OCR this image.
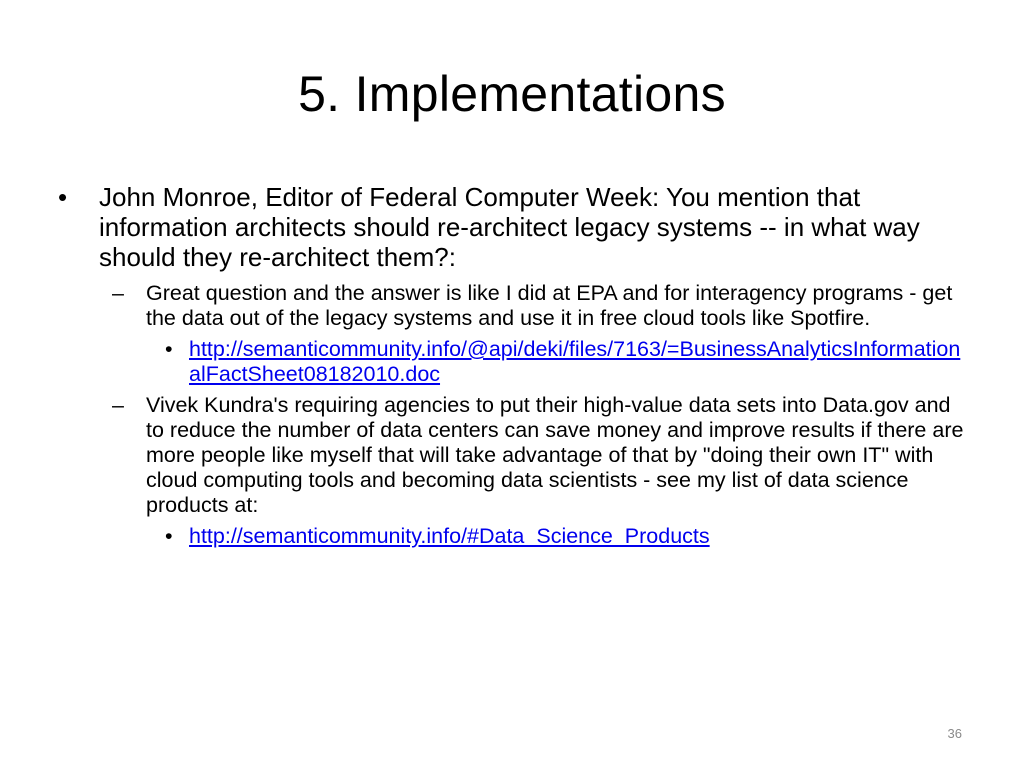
5. Implementations
• John Monroe, Editor of Federal Computer Week: You mention that information architects should re-architect legacy systems -- in what way should they re-architect them?:
– Great question and the answer is like I did at EPA and for interagency programs - get the data out of the legacy systems and use it in free cloud tools like Spotfire.
• http://semanticommunity.info/@api/deki/files/7163/=BusinessAnalyticsInformationalFactSheet08182010.doc
– Vivek Kundra's requiring agencies to put their high-value data sets into Data.gov and to reduce the number of data centers can save money and improve results if there are more people like myself that will take advantage of that by "doing their own IT" with cloud computing tools and becoming data scientists - see my list of data science products at:
• http://semanticommunity.info/#Data_Science_Products
36
